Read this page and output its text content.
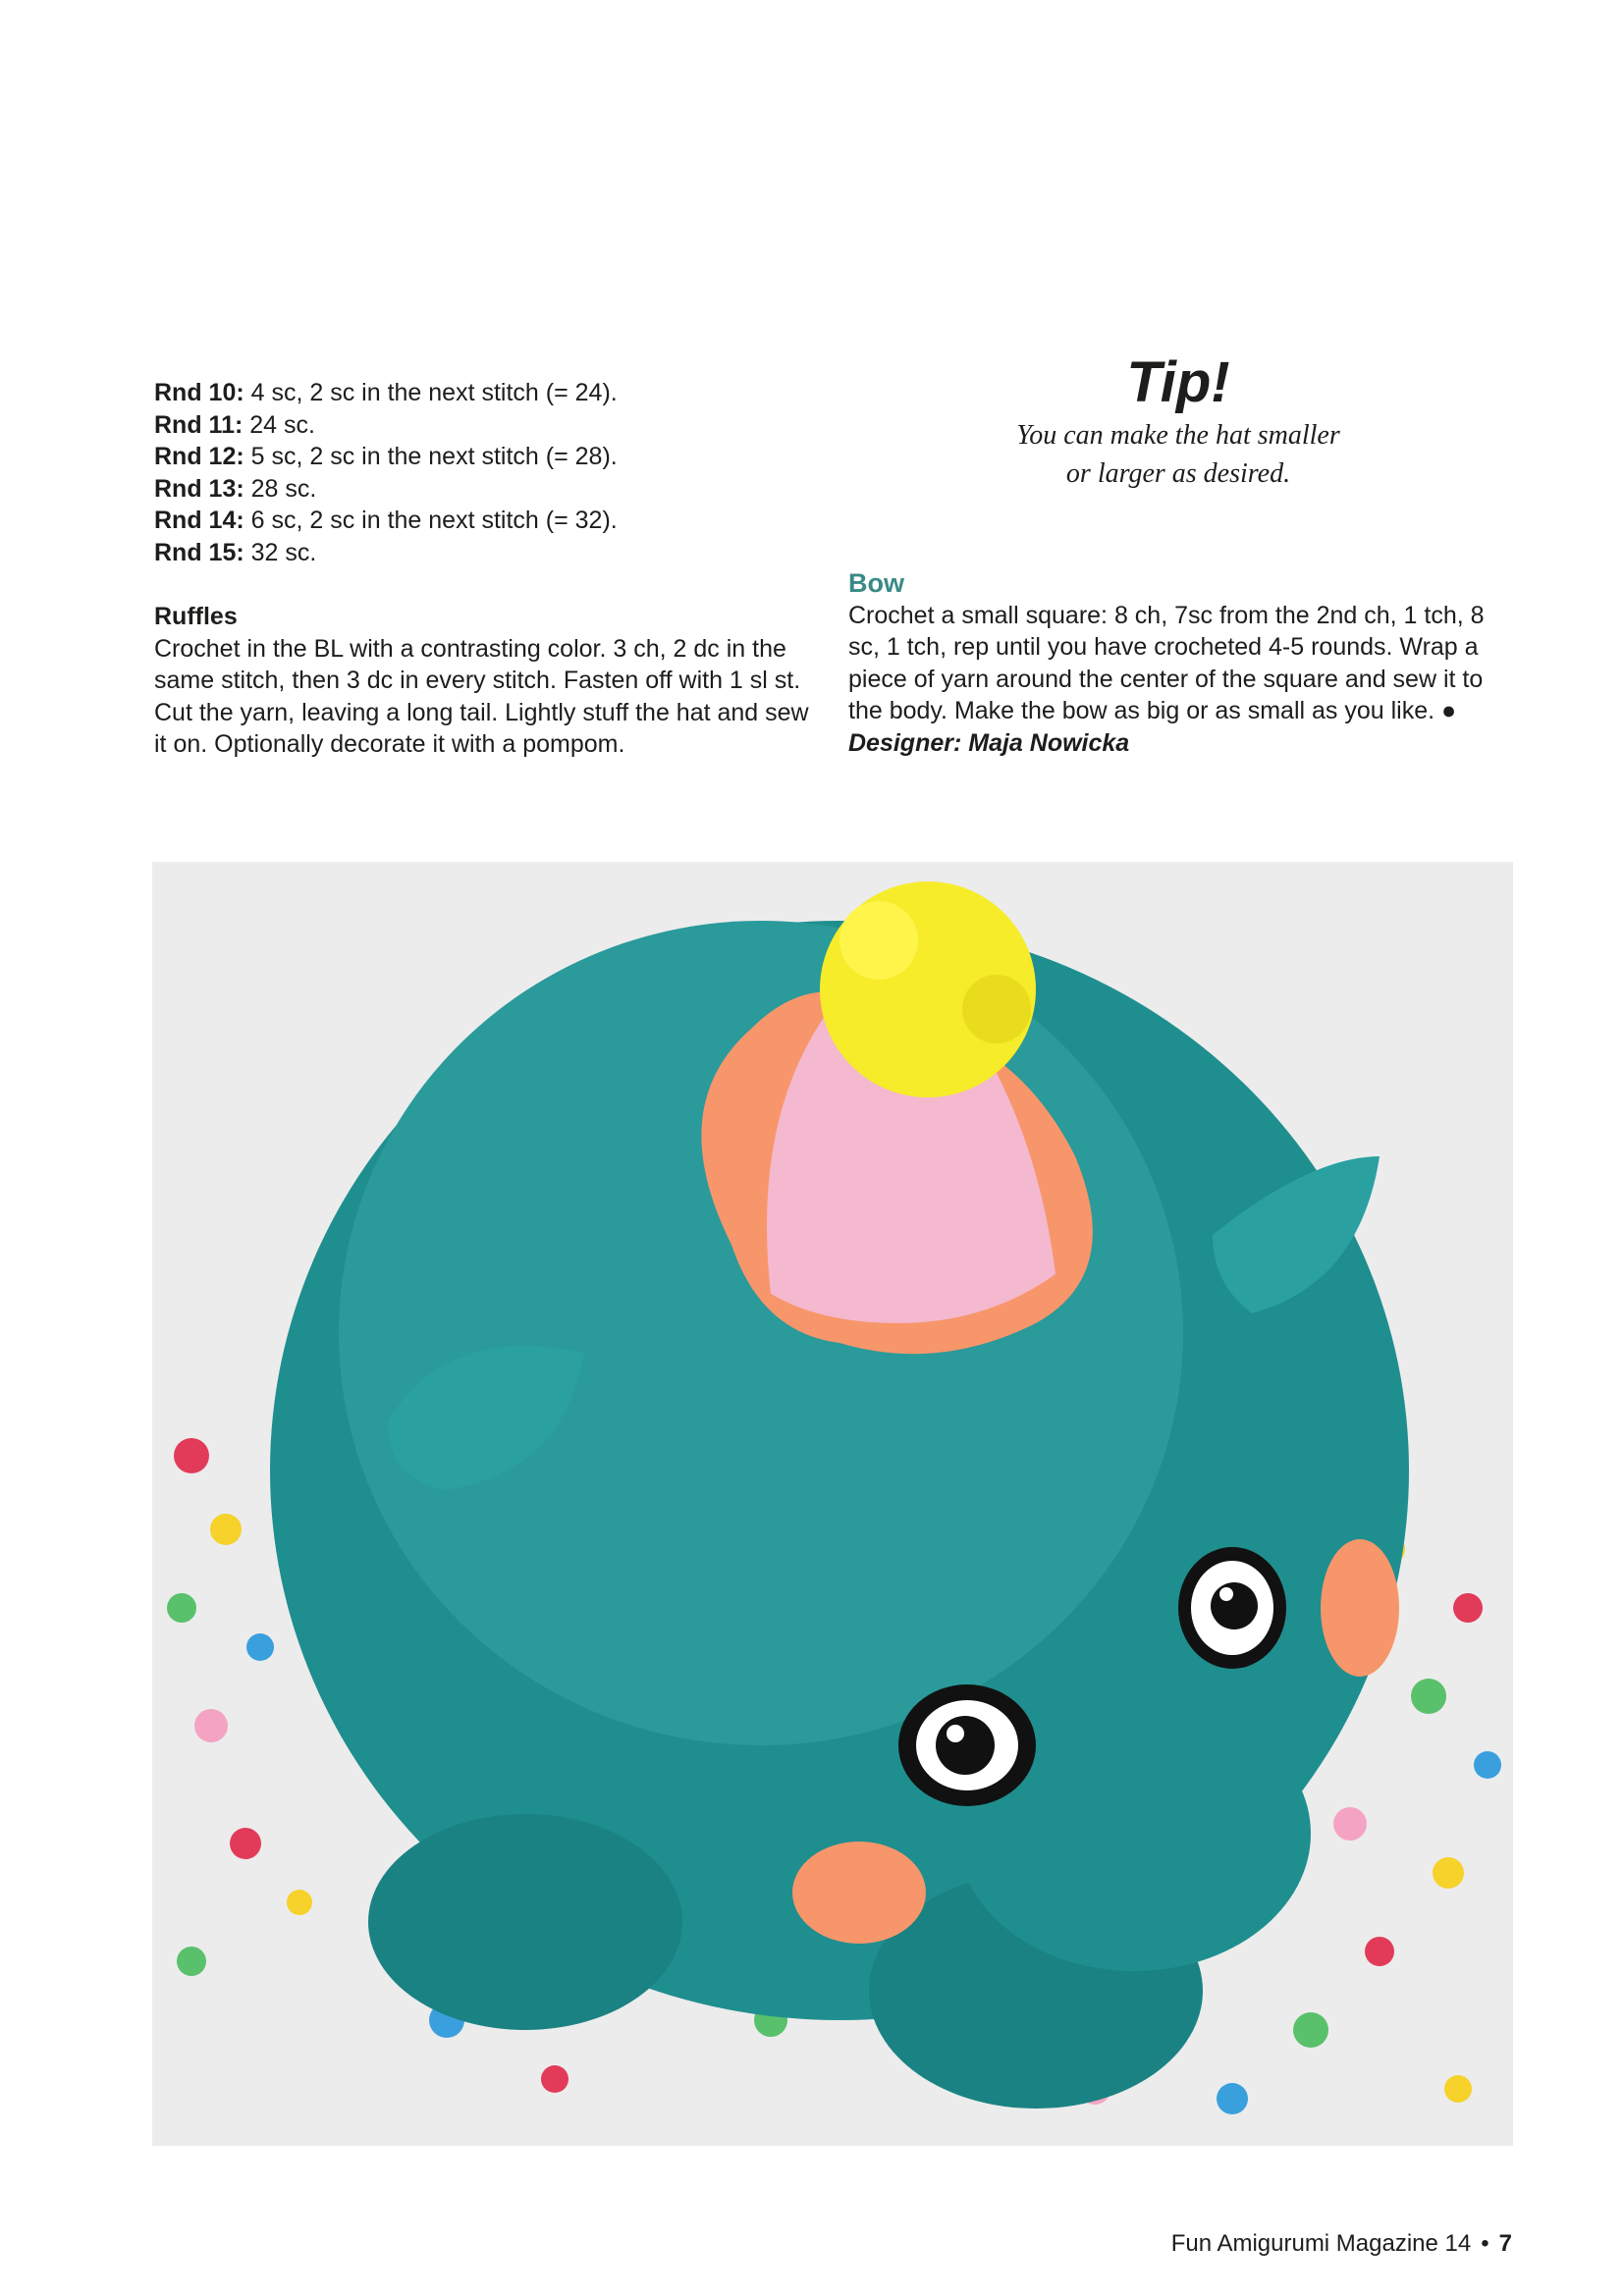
Rnd 10: 4 sc, 2 sc in the next stitch (= 24).
Rnd 11: 24 sc.
Rnd 12: 5 sc, 2 sc in the next stitch (= 28).
Rnd 13: 28 sc.
Rnd 14: 6 sc, 2 sc in the next stitch (= 32).
Rnd 15: 32 sc.
Ruffles

Crochet in the BL with a contrasting color. 3 ch, 2 dc in the same stitch, then 3 dc in every stitch. Fasten off with 1 sl st. Cut the yarn, leaving a long tail. Lightly stuff the hat and sew it on. Optionally decorate it with a pompom.

Tip!
You can make the hat smaller or larger as desired.
Bow

Crochet a small square: 8 ch, 7sc from the 2nd ch, 1 tch, 8 sc, 1 tch, rep until you have crocheted 4-5 rounds. Wrap a piece of yarn around the center of the square and sew it to the body. Make the bow as big or as small as you like. ●

Designer: Maja Nowicka
Fun Amigurumi Magazine 14 • 7
